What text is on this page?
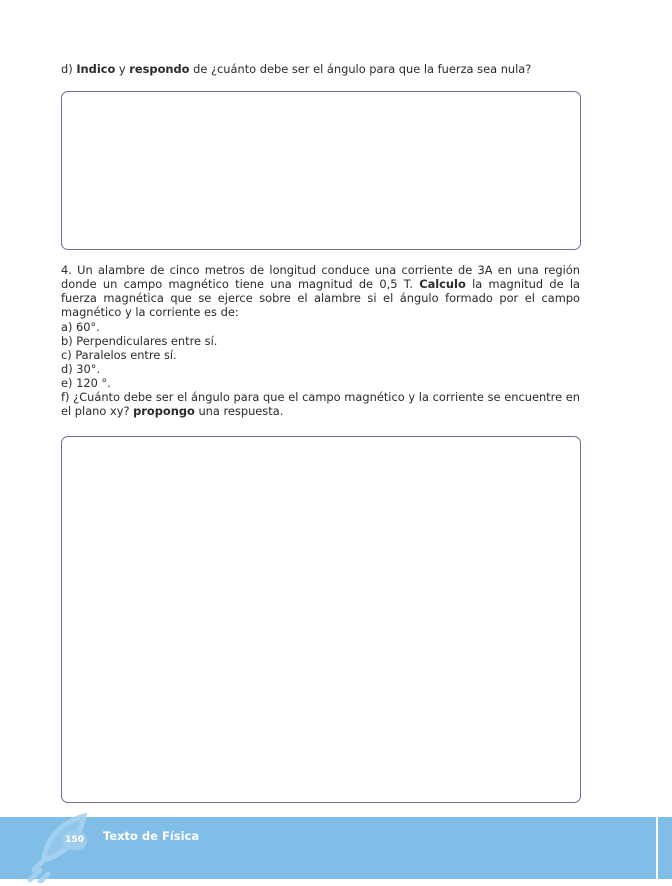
d) Indico y respondo de ¿cuánto debe ser el ángulo para que la fuerza sea nula?
4. Un alambre de cinco metros de longitud conduce una corriente de 3A en una región donde un campo magnético tiene una magnitud de 0,5 T. Calculo la magnitud de la fuerza magnética que se ejerce sobre el alambre si el ángulo formado por el campo magnético y la corriente es de:
a) 60°.
b) Perpendiculares entre sí.
c) Paralelos entre sí.
d) 30°.
e) 120 °.
f) ¿Cuánto debe ser el ángulo para que el campo magnético y la corriente se encuentre en el plano xy? propongo una respuesta.
150 Texto de Física
